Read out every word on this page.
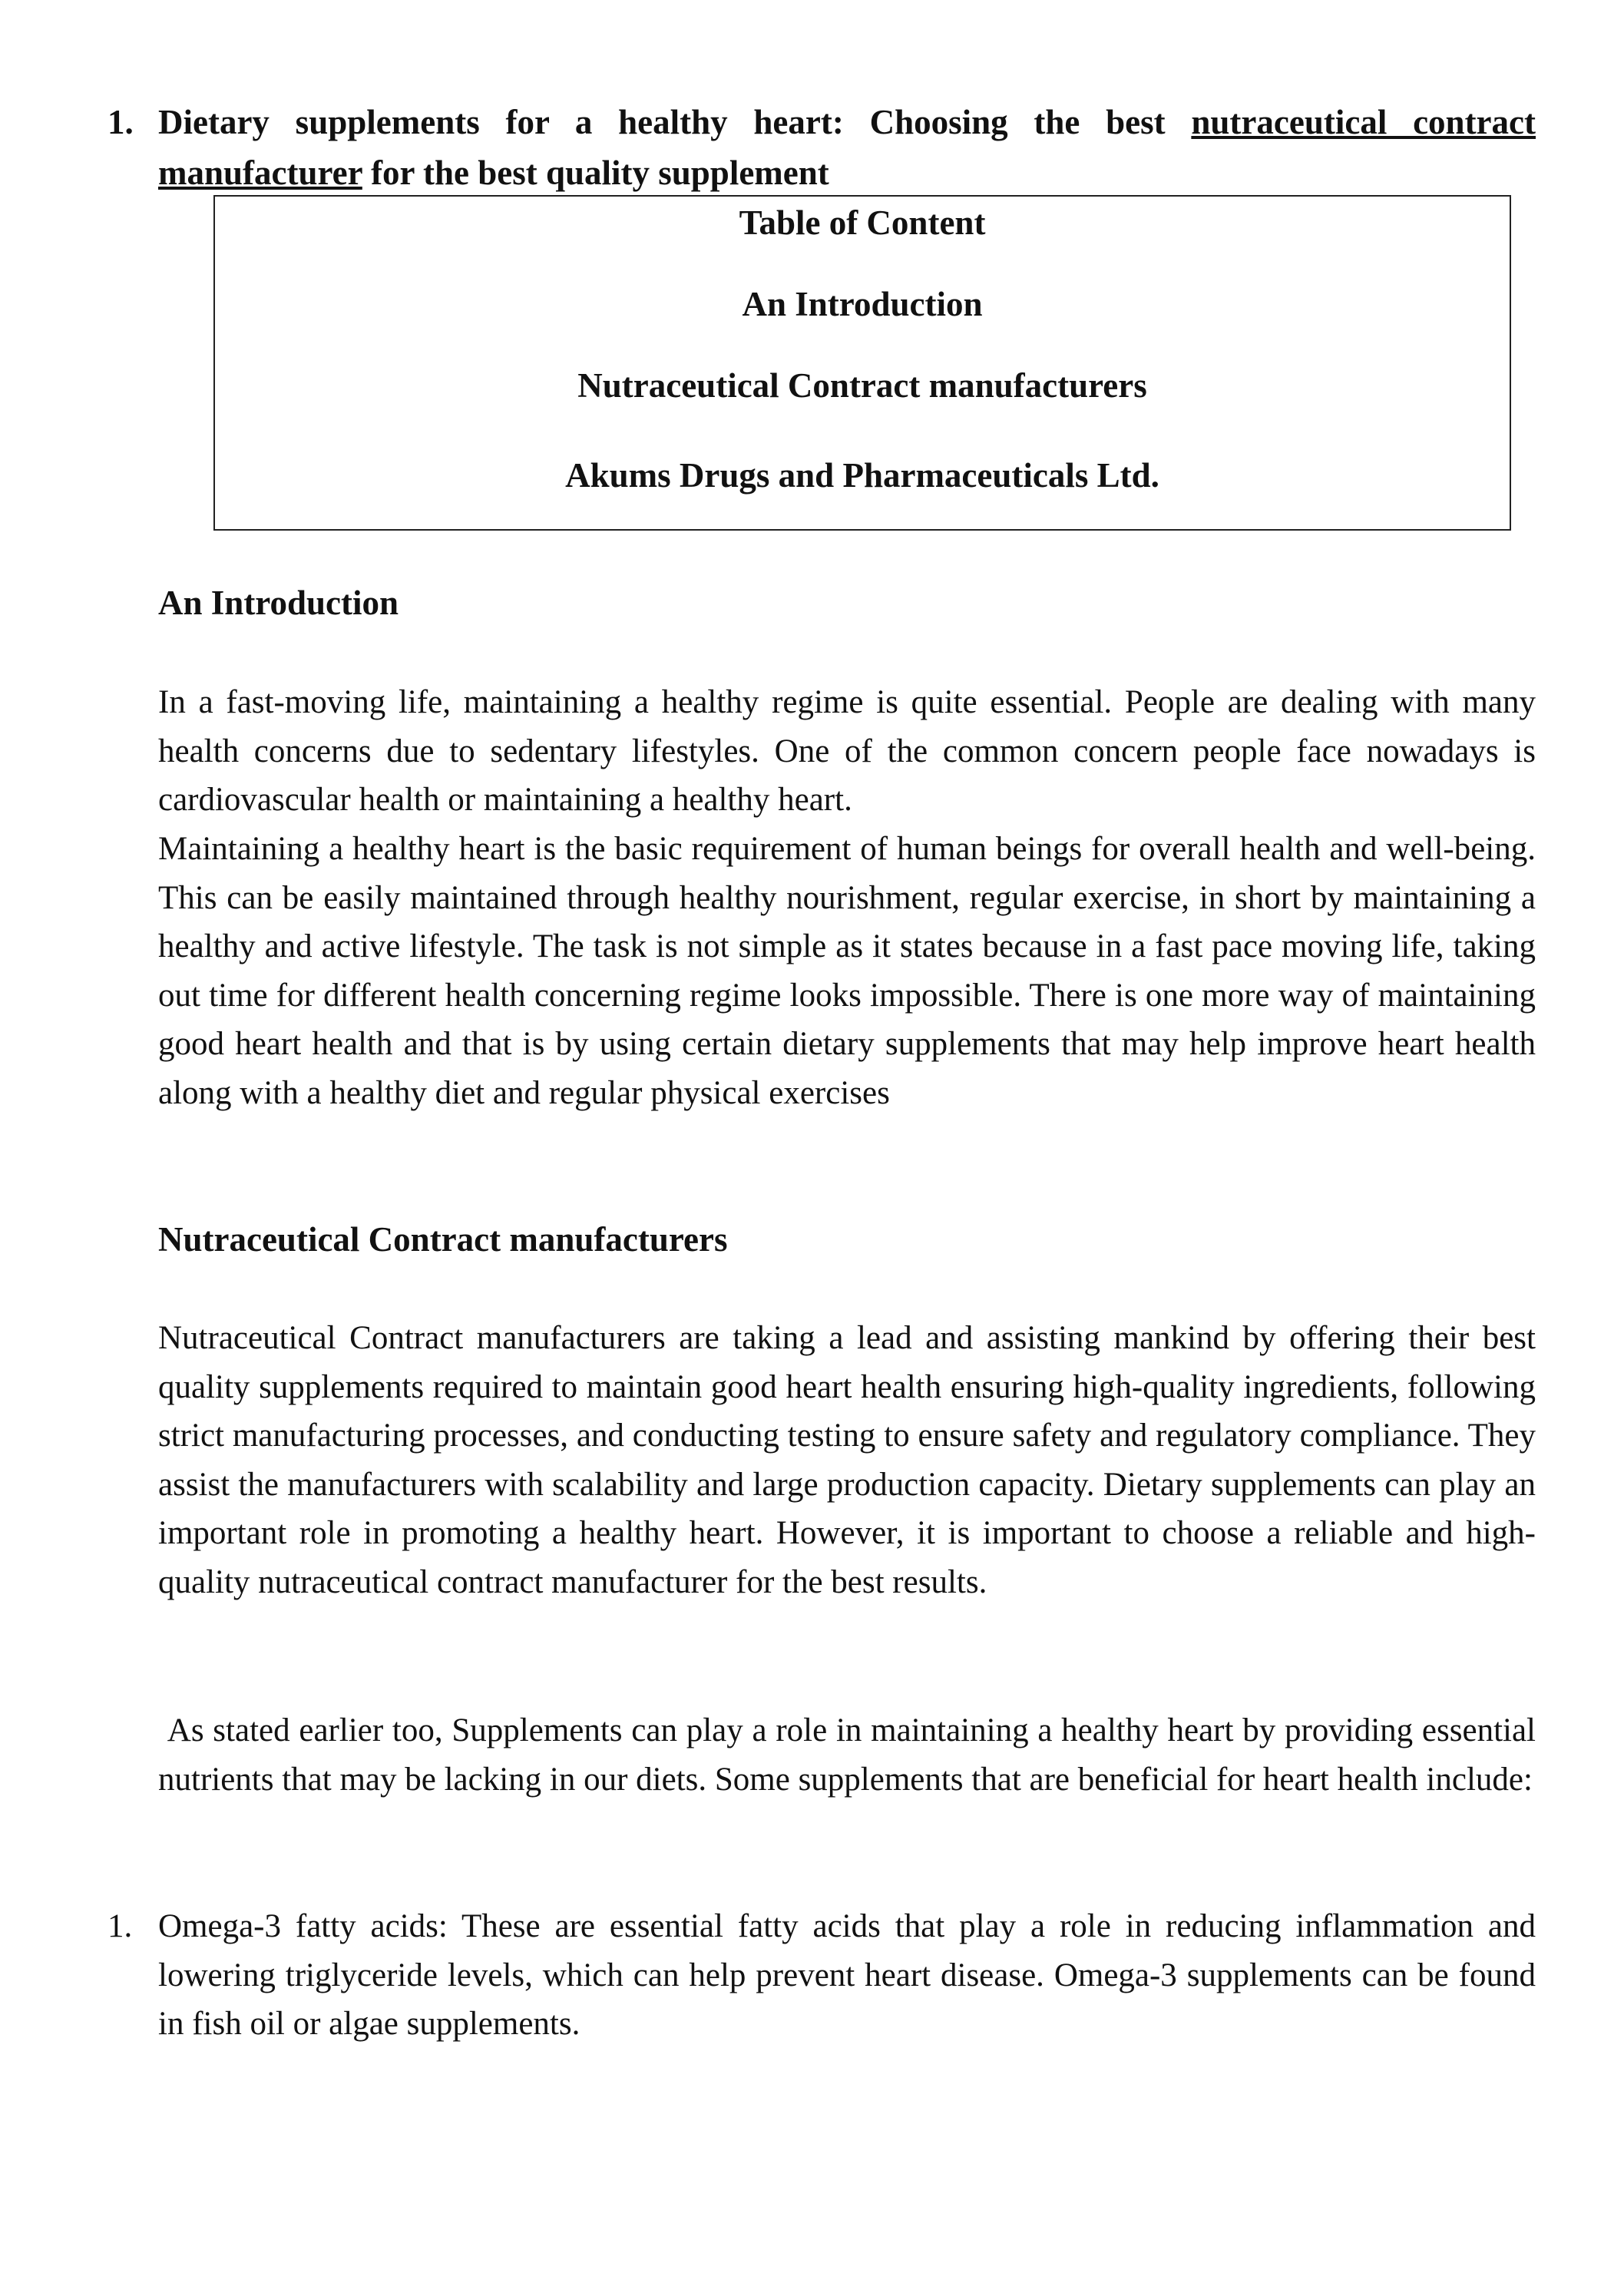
1. Dietary supplements for a healthy heart: Choosing the best nutraceutical contract manufacturer for the best quality supplement
Table of Content
An Introduction
Nutraceutical Contract manufacturers
Akums Drugs and Pharmaceuticals Ltd.
An Introduction

In a fast-moving life, maintaining a healthy regime is quite essential. People are dealing with many health concerns due to sedentary lifestyles. One of the common concern people face nowadays is cardiovascular health or maintaining a healthy heart.

Maintaining a healthy heart is the basic requirement of human beings for overall health and well-being. This can be easily maintained through healthy nourishment, regular exercise, in short by maintaining a healthy and active lifestyle. The task is not simple as it states because in a fast pace moving life, taking out time for different health concerning regime looks impossible. There is one more way of maintaining good heart health and that is by using certain dietary supplements that may help improve heart health along with a healthy diet and regular physical exercises

Nutraceutical Contract manufacturers

Nutraceutical Contract manufacturers are taking a lead and assisting mankind by offering their best quality supplements required to maintain good heart health ensuring high-quality ingredients, following strict manufacturing processes, and conducting testing to ensure safety and regulatory compliance. They assist the manufacturers with scalability and large production capacity. Dietary supplements can play an important role in promoting a healthy heart. However, it is important to choose a reliable and high-quality nutraceutical contract manufacturer for the best results.

As stated earlier too, Supplements can play a role in maintaining a healthy heart by providing essential nutrients that may be lacking in our diets. Some supplements that are beneficial for heart health include:

1. Omega-3 fatty acids: These are essential fatty acids that play a role in reducing inflammation and lowering triglyceride levels, which can help prevent heart disease. Omega-3 supplements can be found in fish oil or algae supplements.
